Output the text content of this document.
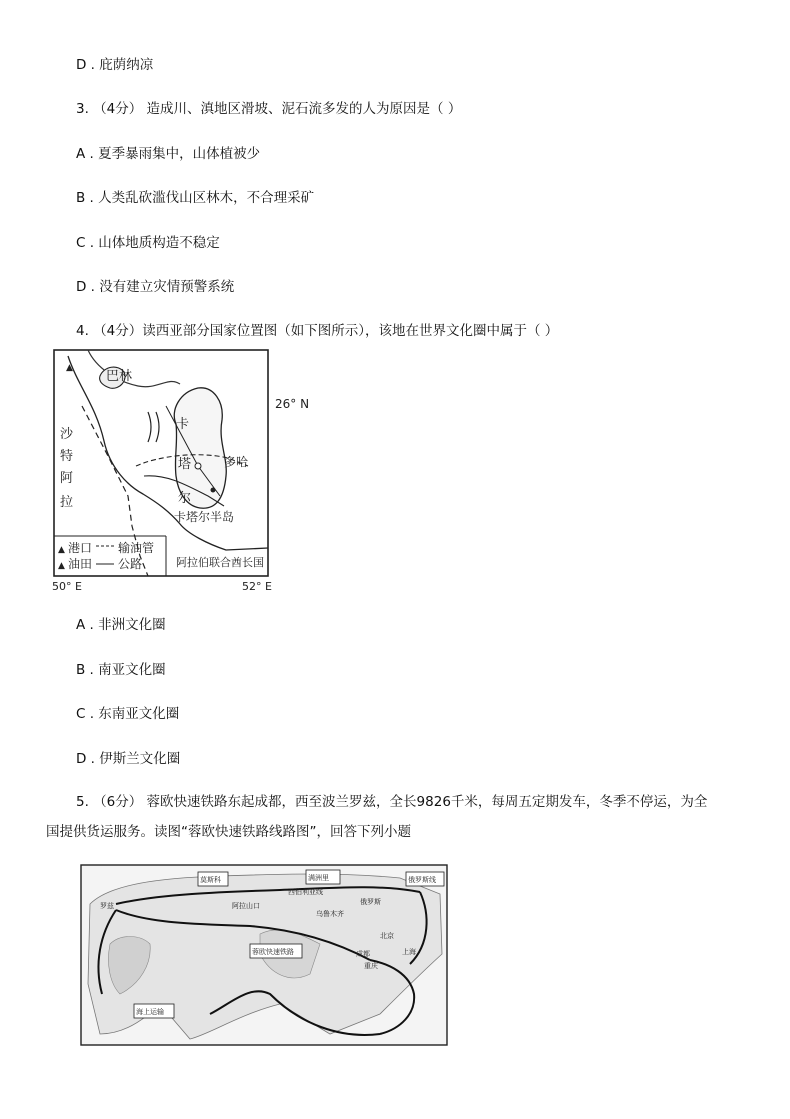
D . 庇荫纳凉
3. （4分） 造成川、滇地区滑坡、泥石流多发的人为原因是（ ）
A . 夏季暴雨集中，山体植被少
B . 人类乱砍滥伐山区林木，不合理采矿
C . 山体地质构造不稳定
D . 没有建立灾情预警系统
4. （4分）读西亚部分国家位置图（如下图所示），该地在世界文化圈中属于（ ）
▲
巴林
26° N
沙
特
阿
拉
卡
塔
尔
多哈
卡塔尔半岛
▲ 港口
▲ 油田
输油管
公路	阿拉伯联合酋长国
50° E	52° E
A . 非洲文化圈
B . 南亚文化圈
C . 东南亚文化圈
D . 伊斯兰文化圈
5. （6分） 蓉欧快速铁路东起成都，西至波兰罗兹，全长9826千米，每周五定期发车，冬季不停运，为全国提供货运服务。读图“蓉欧快速铁路线路图”，回答下列小题
莫斯科	满洲里	俄罗斯线
蓉欧快速铁路
海上运输
罗兹	阿拉山口
乌鲁木齐
西伯利亚线
俄罗斯
北京
上海
成都
重庆
